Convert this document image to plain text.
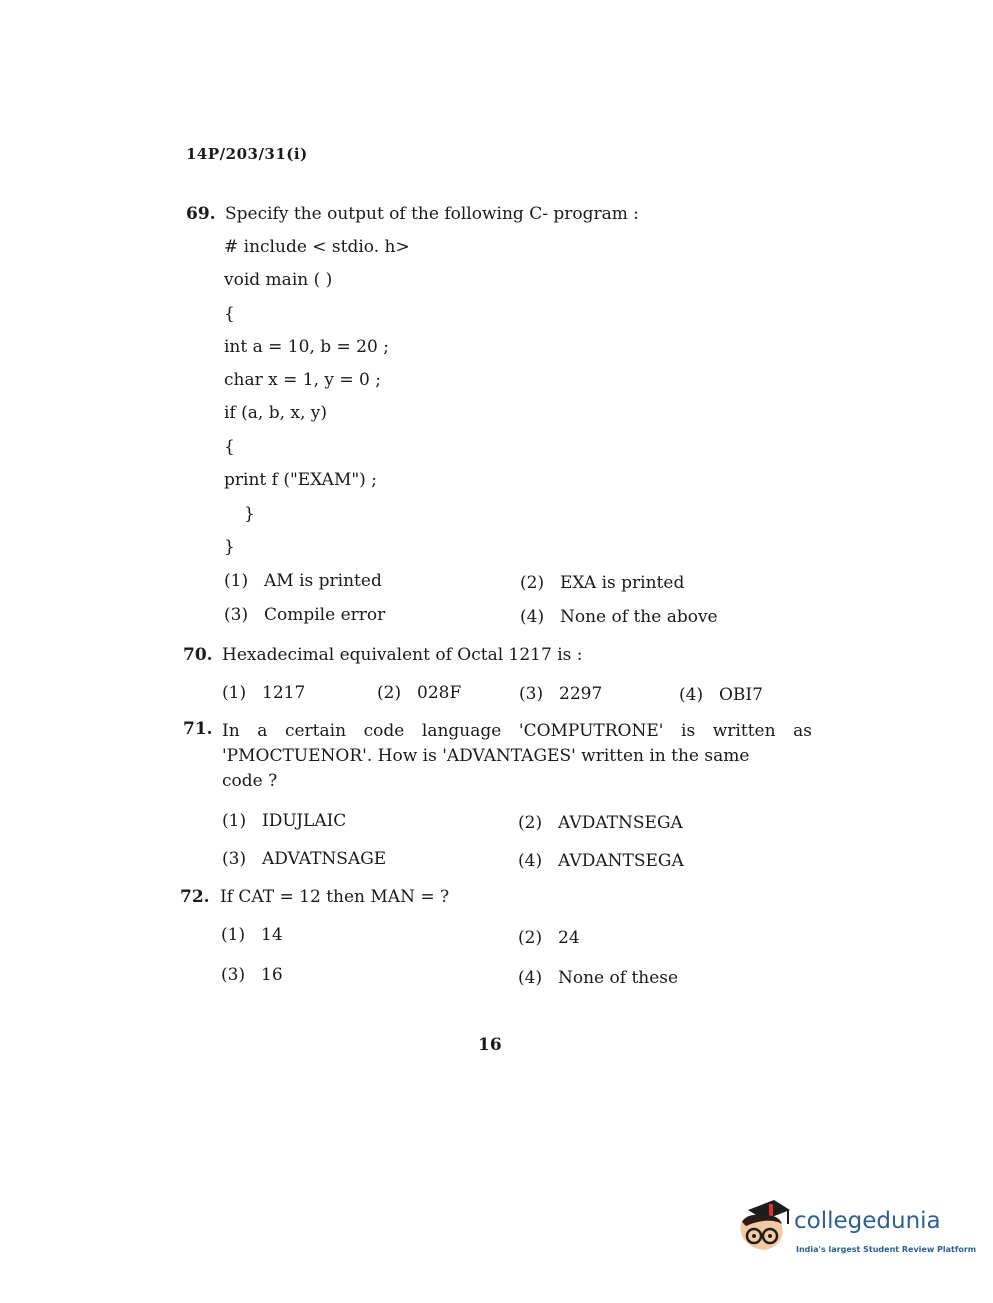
14P/203/31(i)
69. Specify the output of the following C- program :
# include < stdio. h>
void main ( )
{
int a = 10, b = 20 ;
char x = 1, y = 0 ;
if (a, b, x, y)
{
print f ("EXAM") ;
}
}
(1) AM is printed	(2) EXA is printed
(3) Compile error	(4) None of the above
70. Hexadecimal equivalent of Octal 1217 is :
(1) 1217	(2) 028F	(3) 2297	(4) OBI7
71. In a certain code language 'COMPUTRONE' is written as
'PMOCTUENOR'. How is 'ADVANTAGES' written in the same
code ?
(1) IDUJLAIC	(2) AVDATNSEGA
(3) ADVATNSAGE	(4) AVDANTSEGA
72. If CAT = 12 then MAN = ?
(1) 14	(2) 24
(3) 16	(4) None of these
16
collegedunia
India's largest Student Review Platform
